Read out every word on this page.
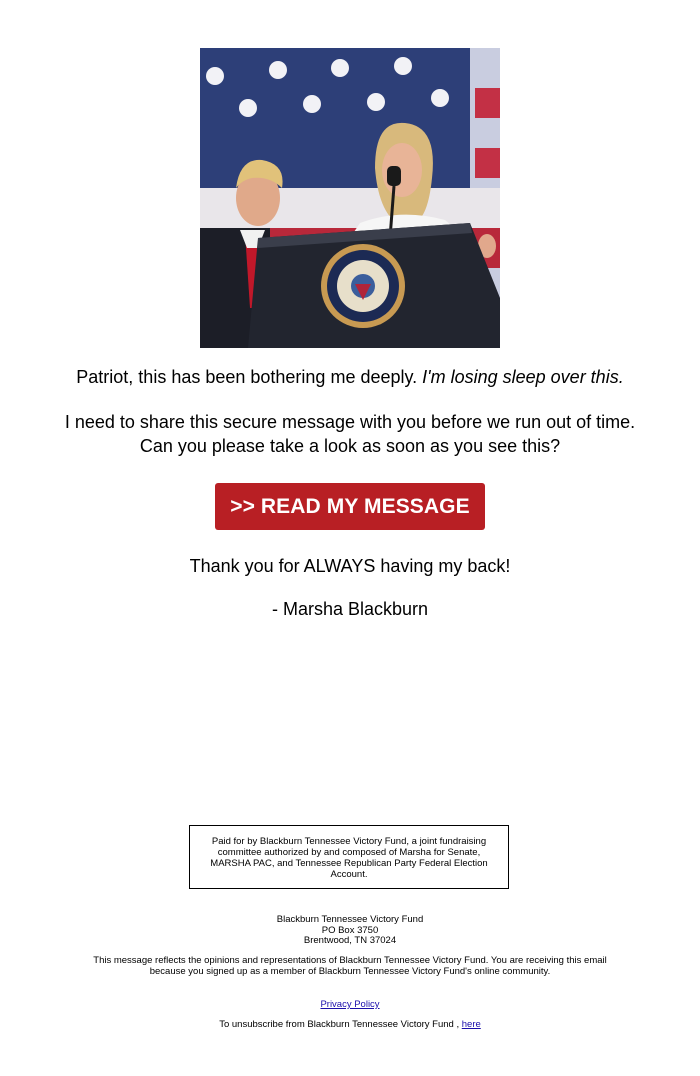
Patriot, this has been bothering me deeply. I'm losing sleep over this.

I need to share this secure message with you before we run out of time.
Can you please take a look as soon as you see this?

>> READ MY MESSAGE

Thank you for ALWAYS having my back!

- Marsha Blackburn

Paid for by Blackburn Tennessee Victory Fund, a joint fundraising committee authorized by and composed of Marsha for Senate, MARSHA PAC, and Tennessee Republican Party Federal Election Account.
Blackburn Tennessee Victory Fund
PO Box 3750
Brentwood, TN 37024
This message reflects the opinions and representations of Blackburn Tennessee Victory Fund. You are receiving this email
because you signed up as a member of Blackburn Tennessee Victory Fund's online community.
Privacy Policy
To unsubscribe from Blackburn Tennessee Victory Fund , here
